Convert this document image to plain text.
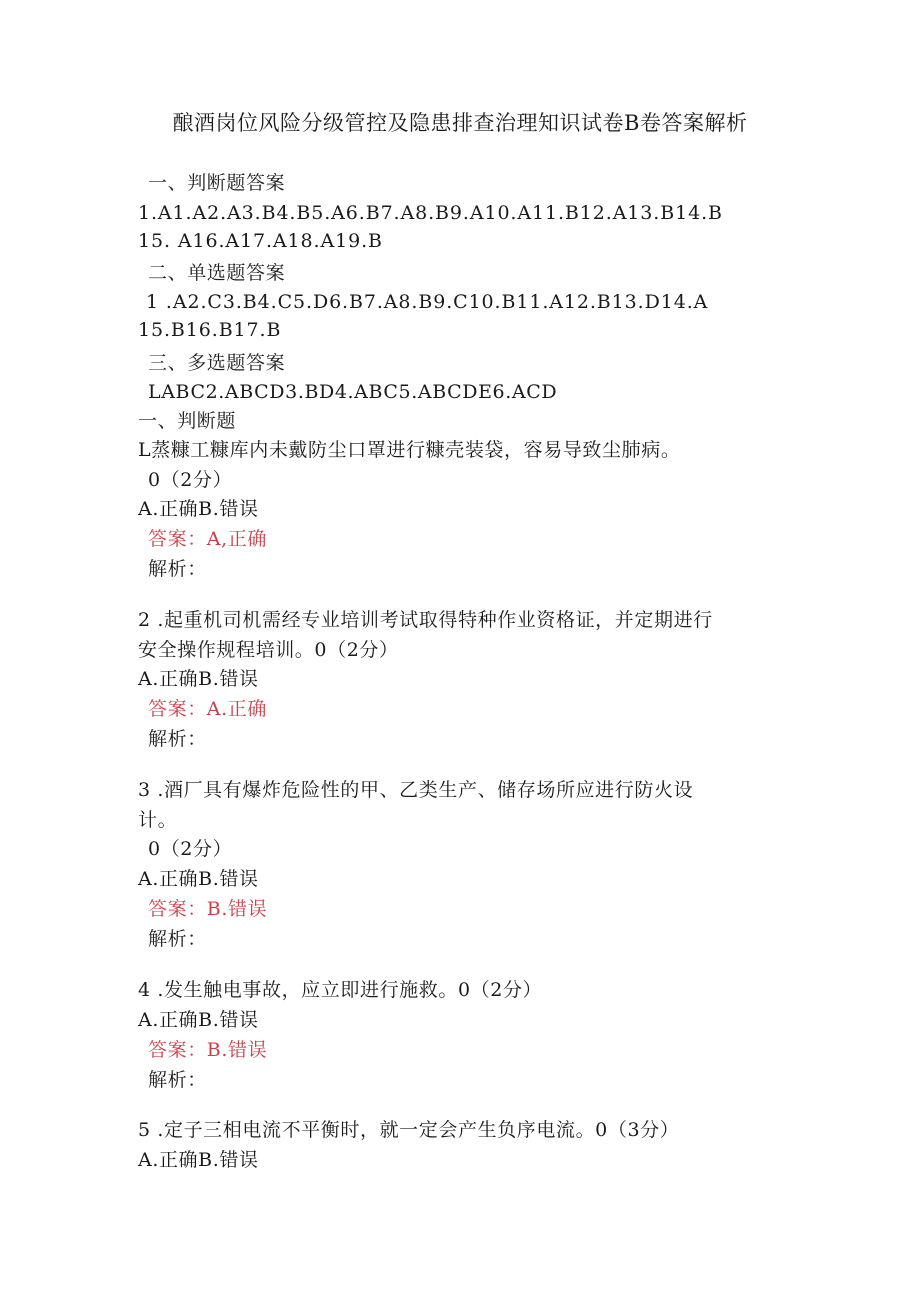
酿酒岗位风险分级管控及隐患排查治理知识试卷B卷答案解析
一、判断题答案
1.A1.A2.A3.B4.B5.A6.B7.A8.B9.A10.A11.B12.A13.B14.B
15. A16.A17.A18.A19.B
二、单选题答案
1 .A2.C3.B4.C5.D6.B7.A8.B9.C10.B11.A12.B13.D14.A
15.B16.B17.B
三、多选题答案
LABC2.ABCD3.BD4.ABC5.ABCDE6.ACD
一、判断题
L蒸糠工糠库内未戴防尘口罩进行糠壳装袋，容易导致尘肺病。
0（2分）
A.正确B.错误
答案：A,正确
解析：
2 .起重机司机需经专业培训考试取得特种作业资格证，并定期进行
安全操作规程培训。0（2分）
A.正确B.错误
答案：A.正确
解析：
3 .酒厂具有爆炸危险性的甲、乙类生产、储存场所应进行防火设
计。
0（2分）
A.正确B.错误
答案：B.错误
解析：
4 .发生触电事故，应立即进行施救。0（2分）
A.正确B.错误
答案：B.错误
解析：
5 .定子三相电流不平衡时，就一定会产生负序电流。0（3分）
A.正确B.错误
